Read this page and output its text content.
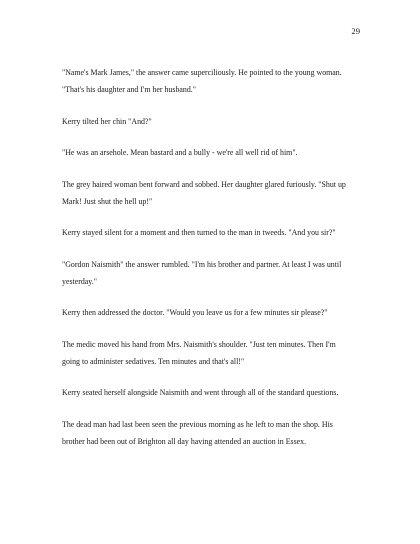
29

"Name's Mark James," the answer came superciliously. He pointed to the young woman.
"That's his daughter and I'm her husband."

Kerry tilted her chin "And?"

"He was an arsehole. Mean bastard and a bully - we're all well rid of him".

The grey haired woman bent forward and sobbed. Her daughter glared furiously. "Shut up
Mark! Just shut the hell up!"

Kerry stayed silent for a moment and then turned to the man in tweeds. "And you sir?"

"Gordon Naismith" the answer rumbled. "I'm his brother and partner. At least I was until
yesterday."

Kerry then addressed the doctor. "Would you leave us for a few minutes sir please?"

The medic moved his hand from Mrs. Naismith's shoulder. "Just ten minutes. Then I'm
going to administer sedatives. Ten minutes and that's all!"

Kerry seated herself alongside Naismith and went through all of the standard questions.

The dead man had last been seen the previous morning as he left to man the shop. His
brother had been out of Brighton all day having attended an auction in Essex.
